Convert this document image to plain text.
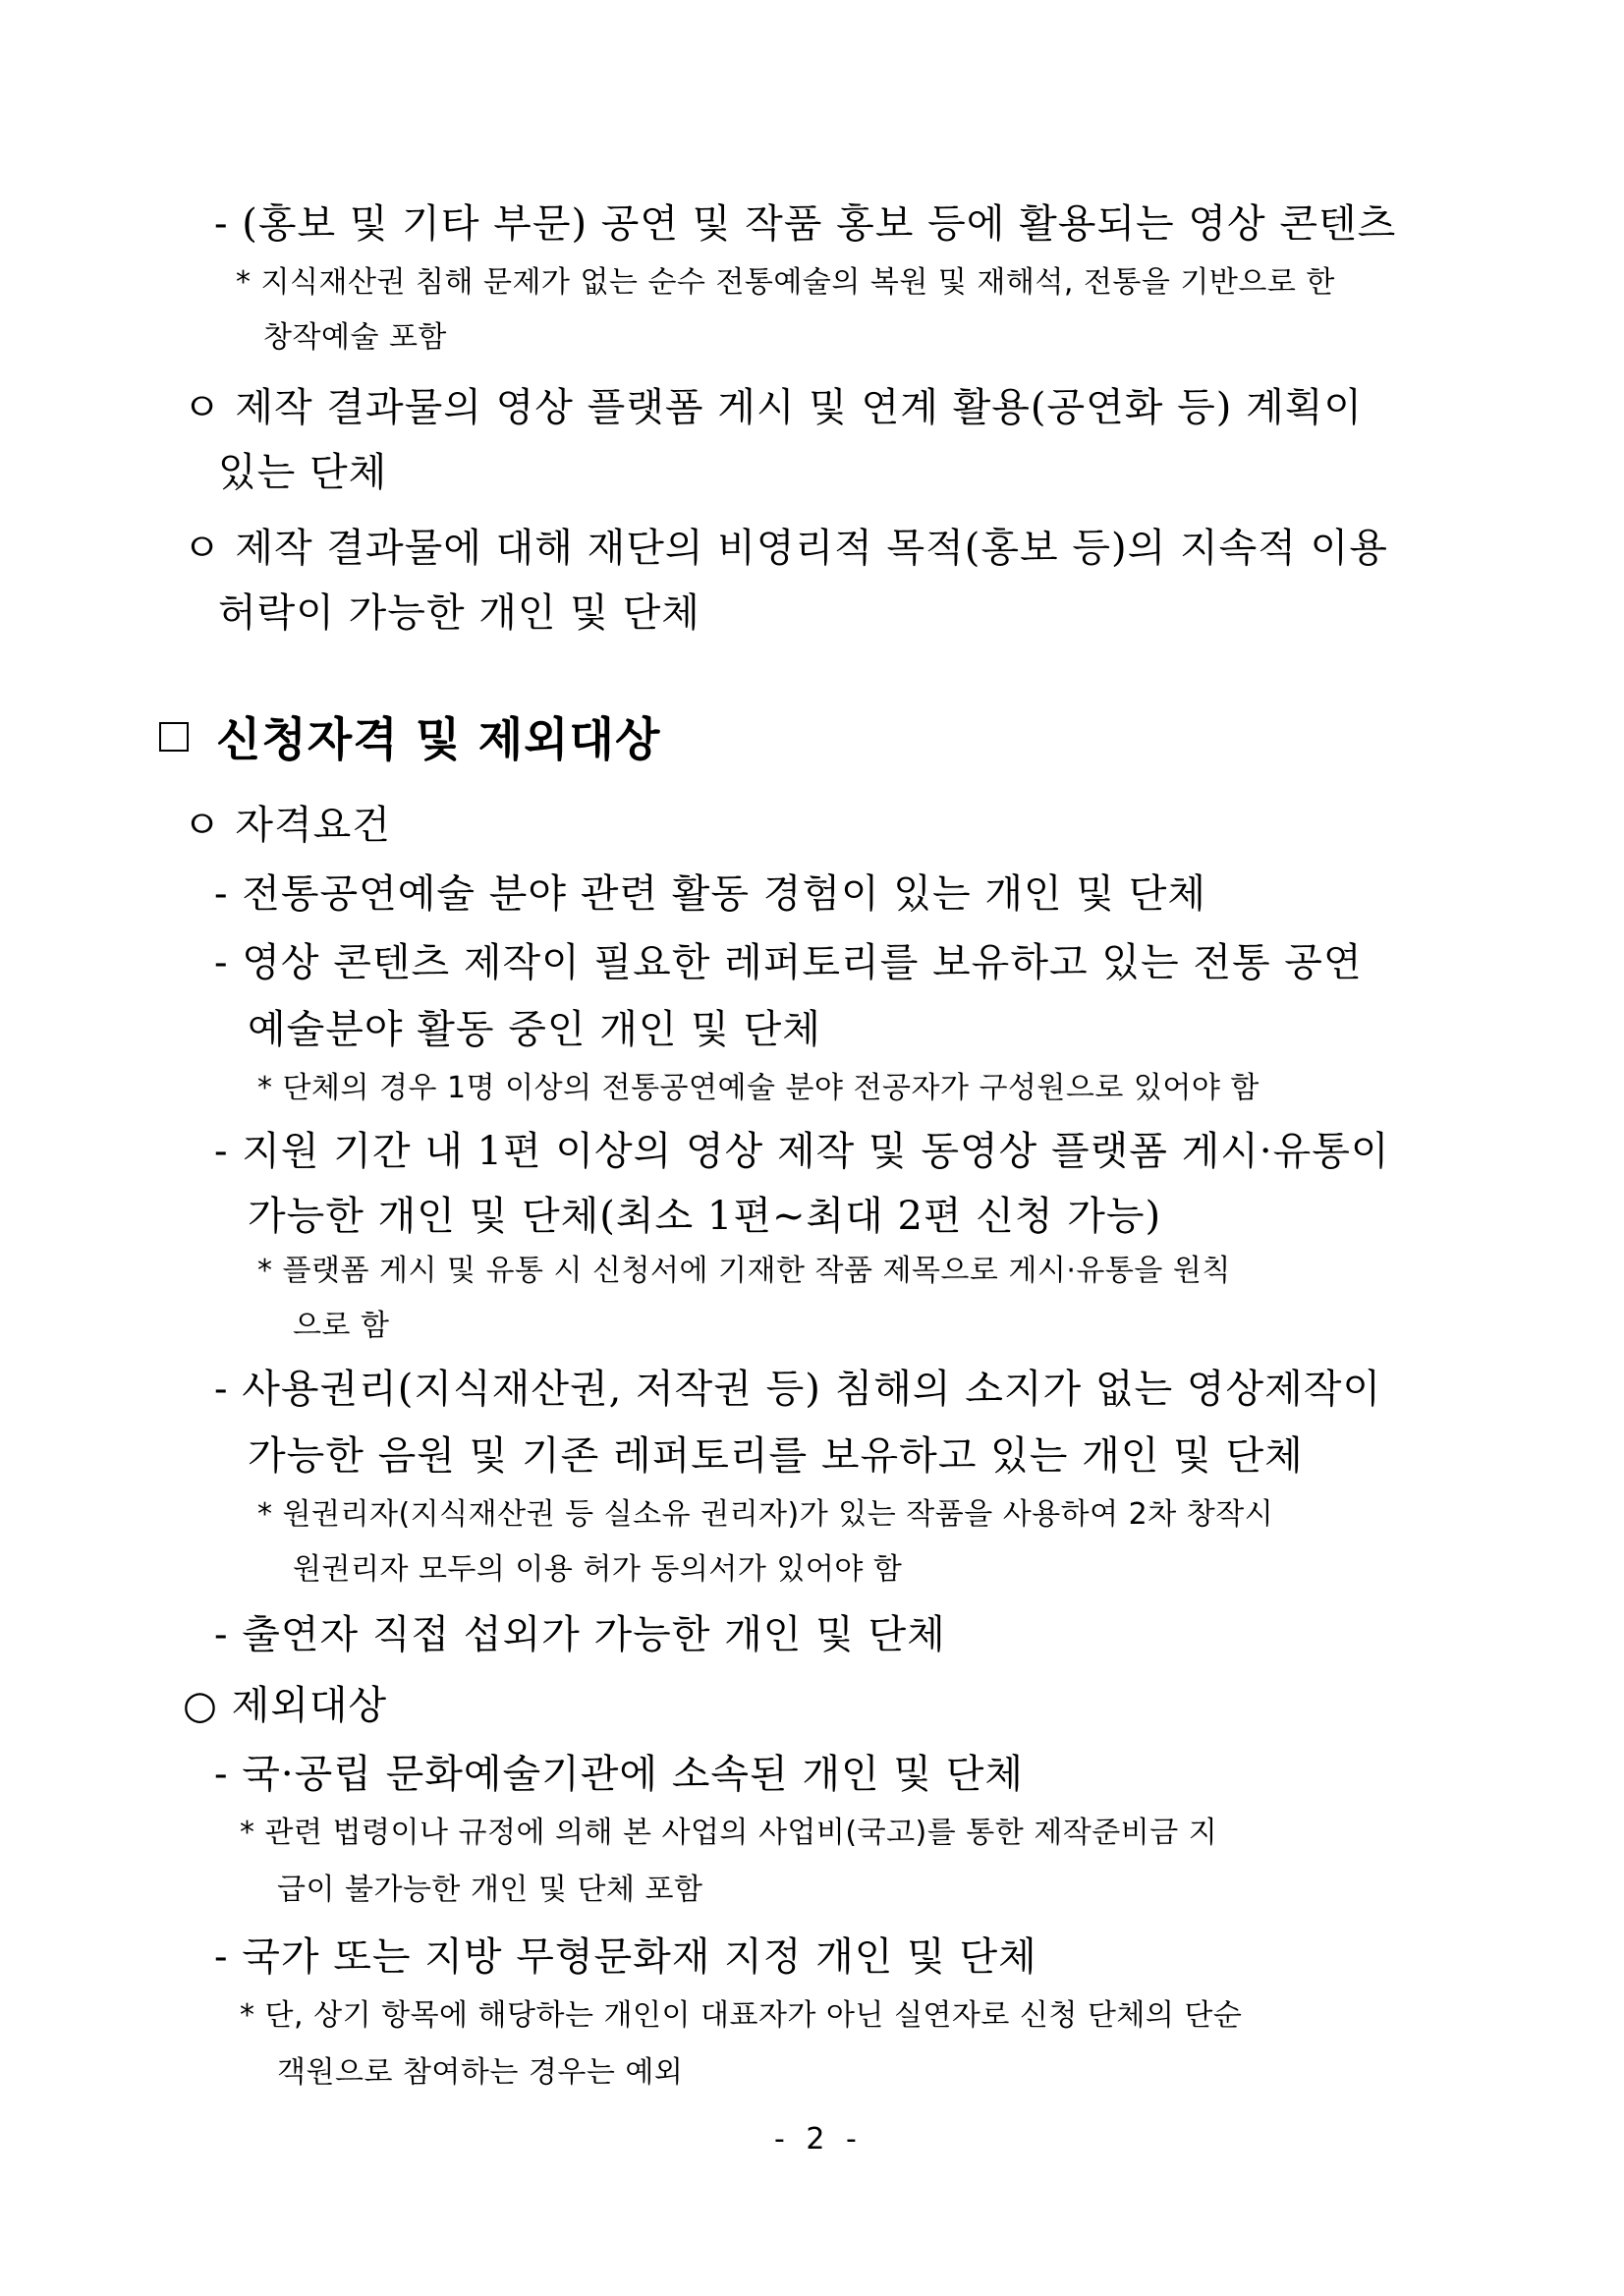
- (홍보 및 기타 부문) 공연 및 작품 홍보 등에 활용되는 영상 콘텐츠

* 지식재산권 침해 문제가 없는 순수 전통예술의 복원 및 재해석, 전통을 기반으로 한

창작예술 포함

ㅇ 제작 결과물의 영상 플랫폼 게시 및 연계 활용(공연화 등) 계획이

있는 단체

ㅇ 제작 결과물에 대해 재단의 비영리적 목적(홍보 등)의 지속적 이용

허락이 가능한 개인 및 단체

신청자격 및 제외대상

ㅇ 자격요건

- 전통공연예술 분야 관련 활동 경험이 있는 개인 및 단체

- 영상 콘텐츠 제작이 필요한 레퍼토리를 보유하고 있는 전통 공연

예술분야 활동 중인 개인 및 단체

* 단체의 경우 1명 이상의 전통공연예술 분야 전공자가 구성원으로 있어야 함

- 지원 기간 내 1편 이상의 영상 제작 및 동영상 플랫폼 게시·유통이

가능한 개인 및 단체(최소 1편~최대 2편 신청 가능)

* 플랫폼 게시 및 유통 시 신청서에 기재한 작품 제목으로 게시·유통을 원칙

으로 함

- 사용권리(지식재산권, 저작권 등) 침해의 소지가 없는 영상제작이

가능한 음원 및 기존 레퍼토리를 보유하고 있는 개인 및 단체

* 원권리자(지식재산권 등 실소유 권리자)가 있는 작품을 사용하여 2차 창작시

원권리자 모두의 이용 허가 동의서가 있어야 함

- 출연자 직접 섭외가 가능한 개인 및 단체

○ 제외대상

- 국·공립 문화예술기관에 소속된 개인 및 단체

* 관련 법령이나 규정에 의해 본 사업의 사업비(국고)를 통한 제작준비금 지

급이 불가능한 개인 및 단체 포함

- 국가 또는 지방 무형문화재 지정 개인 및 단체

* 단, 상기 항목에 해당하는 개인이 대표자가 아닌 실연자로 신청 단체의 단순

객원으로 참여하는 경우는 예외

- 2 -
